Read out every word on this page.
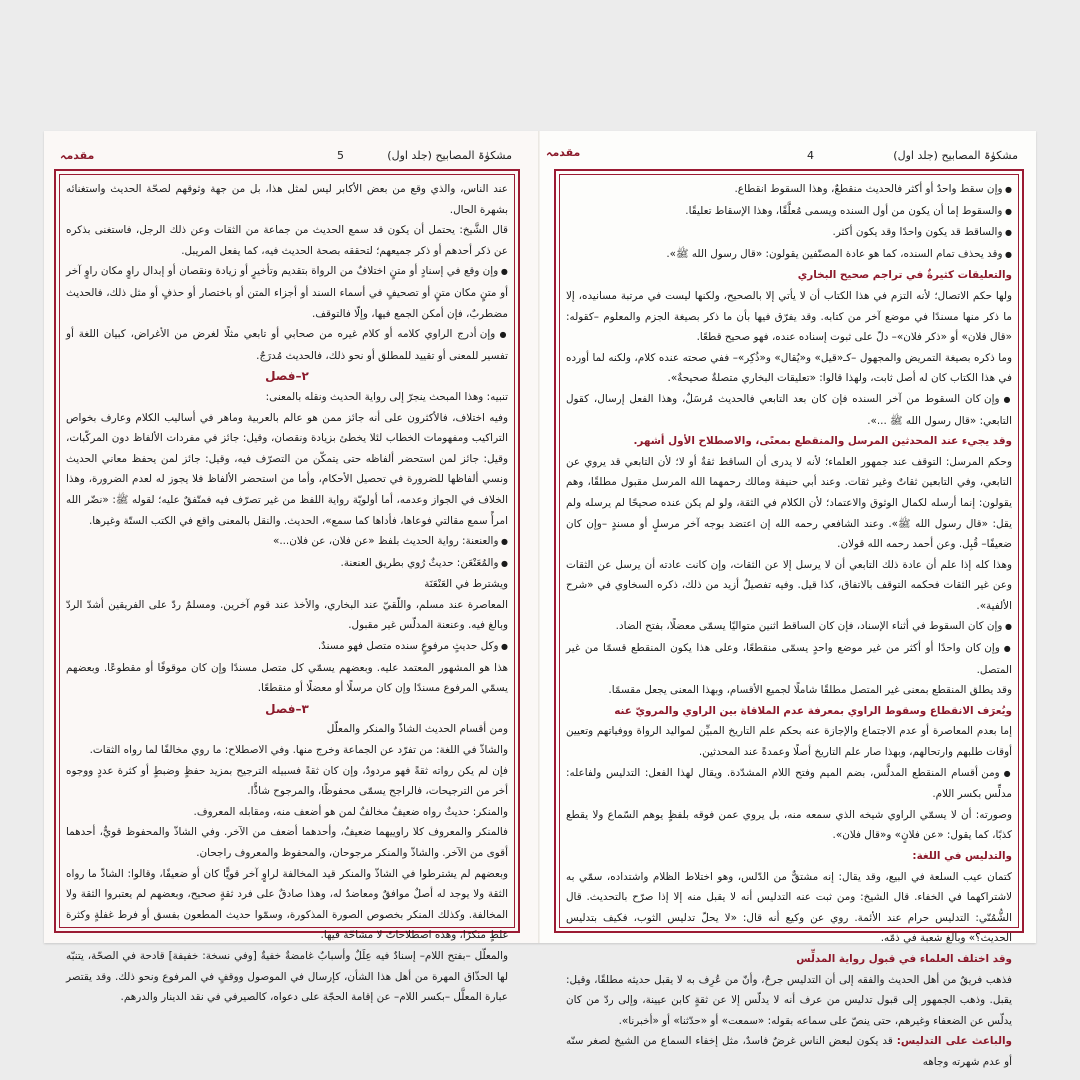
مشکوٰۃ المصابیح (جلد اول)
5
مقدمہ

عند الناس، والذي وقع من بعض الأكابر ليس لمثل هذا، بل من جهة وثوقهم لصحّة الحديث واستغنائه بشهرة الحال.

قال الشَّيخ: يحتمل أن يكون قد سمع الحديث من جماعة من الثقات وعن ذلك الرجل، فاستغنى بذكره عن ذكر أحدهم أو ذكر جميعهم؛ لتحققه بصحة الحديث فيه، كما يفعل المريبل.

● وإن وقع في إسنادٍ أو متنٍ اختلافٌ من الرواة بتقديم وتأخيرٍ أو زيادة ونقصان أو إبدال راوٍ مكان راوٍ آخر أو متنٍ مكان متنٍ أو تصحيفٍ في أسماء السند أو أجزاء المتن أو باختصار أو حذفٍ أو مثل ذلك، فالحديث مضطربٌ، فإن أمكن الجمع فيها، وإلّا فالتوقف.

● وإن أدرج الراوي كلامه أو كلام غيره من صحابي أو تابعي مثلًا لغرض من الأغراض، كبيان اللغة أو تفسير للمعنى أو تقييد للمطلق أو نحو ذلك، فالحديث مُدرَجٌ.

٢–فصل

تنبيه: وهذا المبحث ينجرّ إلى رواية الحديث ونقله بالمعنى:

وفيه اختلاف، فالأكثرون على أنه جائز ممن هو عالم بالعربية وماهر في أساليب الكلام وعارف بخواص التراكيب ومفهومات الخطاب لئلا يخطئ بزيادة ونقصان، وقيل: جائز في مفردات الألفاظ دون المركّبات، وقيل: جائز لمن استحضر ألفاظه حتى يتمكّن من التصرّف فيه، وقيل: جائز لمن يحفظ معاني الحديث ونسي ألفاظها للضرورة في تحصيل الأحكام، وأما من استحضر الألفاظ فلا يجوز له لعدم الضرورة، وهذا الخلاف في الجواز وعدمه، أما أولويّة رواية اللفظ من غير تصرّف فيه فمتّفقٌ عليه؛ لقوله ﷺ: «نضّر الله امرأً سمع مقالتي فوعاها، فأداها كما سمع»، الحديث. والنقل بالمعنى واقع في الكتب الستّة وغيرها.

● والعنعنة: رواية الحديث بلفظ «عن فلان، عن فلان...»

● والمُعَنْعَن: حديثٌ رُوي بطريق العنعنة.

ويشترط في العَنْعَنَة

المعاصرة عند مسلم، واللّقيّ عند البخاري، والأخذ عند قوم آخرين. ومسلمٌ ردّ على الفريقين أشدّ الردّ وبالغ فيه. وعنعنة المدلّس غير مقبول.

● وكل حديثٍ مرفوعٍ سنده متصل فهو مسندٌ.

هذا هو المشهور المعتمد عليه. وبعضهم يسمّي كل متصل مسندًا وإن كان موقوفًا أو مقطوعًا. وبعضهم يسمّي المرفوع مسندًا وإن كان مرسلًا أو معضلًا أو منقطعًا.

٣–فصل

ومن أقسام الحديث الشاذّ والمنكر والمعلّل

والشاذّ في اللغة: من تفرّد عن الجماعة وخرج منها. وفي الاصطلاح: ما روي مخالفًا لما رواه الثقات.

فإن لم يكن رواته ثقةً فهو مردودٌ، وإن كان ثقةً فسبيله الترجيح بمزيد حفظٍ وضبطٍ أو كثرة عددٍ ووجوه أخر من الترجيحات، فالراجح يسمّى محفوظًا، والمرجوح شاذًّا.

والمنكر: حديثٌ رواه ضعيفٌ مخالفٌ لمن هو أضعف منه، ومقابله المعروف.

فالمنكر والمعروف كلا راوييهما ضعيفٌ، وأحدهما أضعف من الآخر. وفي الشاذّ والمحفوظ قويٌّ، أحدهما أقوى من الآخر. والشاذّ والمنكر مرجوحان، والمحفوظ والمعروف راجحان.

وبعضهم لم يشترطوا في الشاذّ والمنكر قيد المخالفة لراوٍ آخر قويًّا كان أو ضعيفًا، وقالوا: الشاذّ ما رواه الثقة ولا يوجد له أصلٌ موافقٌ ومعاضدٌ له، وهذا صادقٌ على فرد ثقةٍ صحيح، وبعضهم لم يعتبروا الثقة ولا المخالفة. وكذلك المنكر بخصوص الصورة المذكورة، وسمّوا حديث المطعون بفسق أو فرط غفلةٍ وكثرة غلطٍ منكرًا، وهذه اصطلاحاتٌ لا مشاحّة فيها.

والمعلّل –بفتح اللام– إسنادٌ فيه عِلَلٌ وأسبابٌ غامضةٌ خفيةٌ [وفي نسخة: خفيفة] قادحة في الصحّة، يتنبّه لها الحذّاق المهرة من أهل هذا الشأن، كإرسال في الموصول ووقفٍ في المرفوع ونحو ذلك. وقد يقتصر عبارة المعلَّل –بكسر اللام– عن إقامة الحجّة على دعواه، كالصيرفي في نقد الدينار والدرهم.

مشکوٰۃ المصابیح (جلد اول)
4
مقدمہ

● وإن سقط واحدٌ أو أكثر فالحديث منقطعٌ، وهذا السقوط انقطاع.

● والسقوط إما أن يكون من أول السنده ويسمى مُعلَّقًا، وهذا الإسقاط تعليقًا.

● والساقط قد يكون واحدًا وقد يكون أكثر.

● وقد يحذف تمام السنده، كما هو عادة المصنّفين يقولون: «قال رسول الله ﷺ».

والتعليقات كثيرةٌ في تراجم صحيح البخاري

ولها حكم الاتصال؛ لأنه التزم في هذا الكتاب أن لا يأتي إلا بالصحيح، ولكنها ليست في مرتبة مسانيده، إلا ما ذكر منها مسندًا في موضع آخر من كتابه. وقد يفرّق فيها بأن ما ذكر بصيغة الجزم والمعلوم –كقوله: «قال فلان» أو «ذكر فلان»– دلّ على ثبوت إسناده عنده، فهو صحيح قطعًا.

وما ذكره بصيغة التمريض والمجهول –كـ«قيل» و«يُقال» و«ذُكِر»– ففي صحته عنده كلام، ولكنه لما أورده في هذا الكتاب كان له أصل ثابت، ولهذا قالوا: «تعليقات البخاري متصلةٌ صحيحةٌ».

● وإن كان السقوط من آخر السنده فإن كان بعد التابعي فالحديث مُرسَلٌ، وهذا الفعل إرسال، كقول التابعي: «قال رسول الله ﷺ ...».

وقد يجيء عند المحدثين المرسل والمنقطع بمعنًى، والاصطلاح الأول أشهر.

وحكم المرسل: التوقف عند جمهور العلماء؛ لأنه لا يدرى أن الساقط ثقةٌ أو لا؛ لأن التابعي قد يروي عن التابعي، وفي التابعين ثقاتٌ وغير ثقات. وعند أبي حنيفة ومالك رحمهما الله المرسل مقبول مطلقًا، وهم يقولون: إنما أرسله لكمال الوثوق والاعتماد؛ لأن الكلام في الثقة، ولو لم يكن عنده صحيحًا لم يرسله ولم يقل: «قال رسول الله ﷺ». وعند الشافعي رحمه الله إن اعتضد بوجه آخر مرسلٍ أو مسندٍ –وإن كان ضعيفًا– قُبِل. وعن أحمد رحمه الله قولان.

وهذا كله إذا علم أن عادة ذلك التابعي أن لا يرسل إلا عن الثقات، وإن كانت عادته أن يرسل عن الثقات وعن غير الثقات فحكمه التوقف بالاتفاق، كذا قيل. وفيه تفصيلٌ أزيد من ذلك، ذكره السخاوي في «شرح الألفية».

● وإن كان السقوط في أثناء الإسناد، فإن كان الساقط اثنين متواليًا يسمّى معضلًا، بفتح الضاد.

● وإن كان واحدًا أو أكثر من غير موضع واحدٍ يسمّى منقطعًا، وعلى هذا يكون المنقطع قسمًا من غير المتصل.

وقد يطلق المنقطع بمعنى غير المتصل مطلقًا شاملًا لجميع الأقسام، وبهذا المعنى يجعل مقسمًا.

ويُعرَف الانقطاع وسقوط الراوي بمعرفة عدم الملاقاة بين الراوي والمرويّ عنه

إما بعدم المعاصرة أو عدم الاجتماع والإجازة عنه بحكم علم التاريخ المبيِّن لمواليد الرواة ووفياتهم وتعيين أوقات طلبهم وارتحالهم، وبهذا صار علم التاريخ أصلًا وعمدةً عند المحدثين.

● ومن أقسام المنقطع المدلَّس، بضم الميم وفتح اللام المشدّدة. ويقال لهذا الفعل: التدليس ولفاعله: مدلِّس بكسر اللام.

وصورته: أن لا يسمّي الراوي شيخه الذي سمعه منه، بل يروي عمن فوقه بلفظٍ يوهم السّماع ولا يقطع كذبًا، كما يقول: «عن فلانٍ» و«قال فلان».

والتدليس في اللغة:

كتمان عيب السلعة في البيع، وقد يقال: إنه مشتقٌّ من الدّلس، وهو اختلاط الظلام واشتداده، سمّي به لاشتراكهما في الخفاء. قال الشيخ: ومن ثبت عنه التدليس أنه لا يقبل منه إلا إذا صرّح بالتحديث. قال الشُّمُنّي: التدليس حرام عند الأئمة. روي عن وكيع أنه قال: «لا يحلّ تدليس الثوب، فكيف بتدليس الحديث؟» وبالغ شعبة في ذمّه.

وقد اختلف العلماء في قبول رواية المدلِّس

فذهب فريقٌ من أهل الحديث والفقه إلى أن التدليس جرحٌ، وأنّ من عُرِف به لا يقبل حديثه مطلقًا، وقيل: يقبل. وذهب الجمهور إلى قبول تدليس من عرف أنه لا يدلّس إلا عن ثقةٍ كابن عيينة، وإلى ردّ من كان يدلّس عن الضعفاء وغيرهم، حتى ينصّ على سماعه بقوله: «سمعت» أو «حدّثنا» أو «أخبرنا».

والباعث على التدليس: قد يكون لبعض الناس غرضٌ فاسدٌ، مثل إخفاء السماع من الشيخ لصغر سنّه أو عدم شهرته وجاهه
